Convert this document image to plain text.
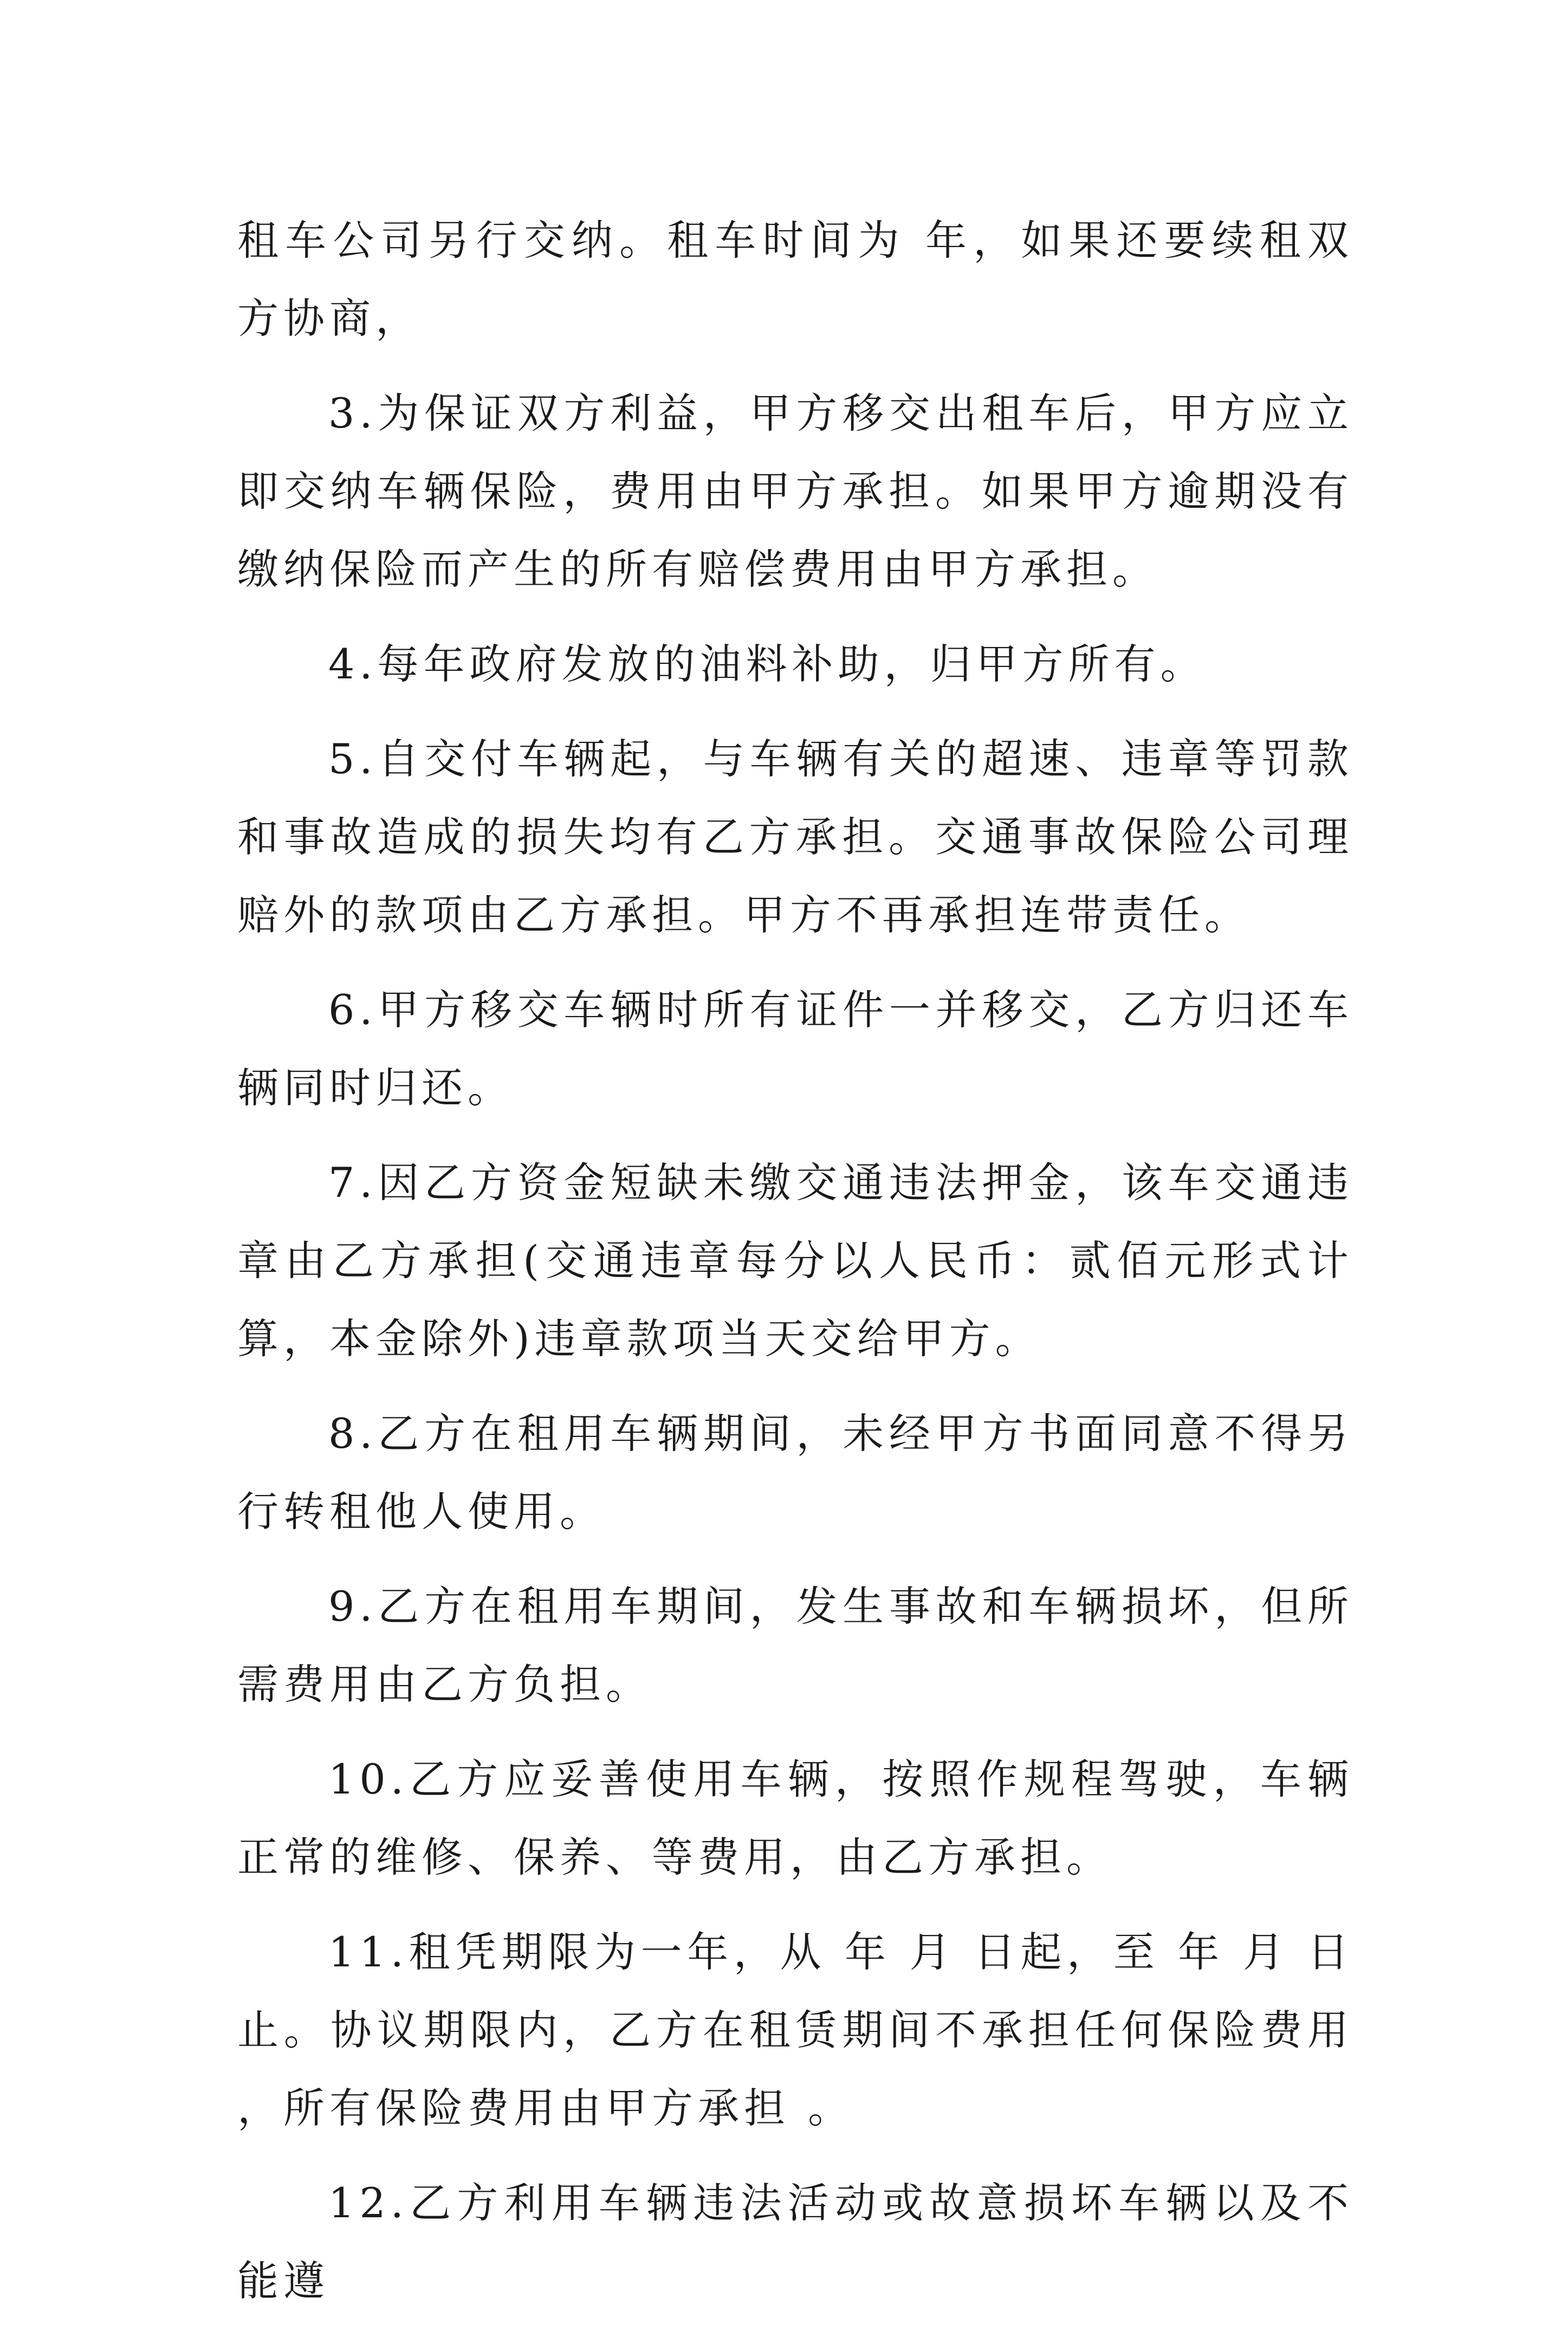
租车公司另行交纳。租车时间为 年，如果还要续租双方协商，

3.为保证双方利益，甲方移交出租车后，甲方应立即交纳车辆保险，费用由甲方承担。如果甲方逾期没有缴纳保险而产生的所有赔偿费用由甲方承担。

4.每年政府发放的油料补助，归甲方所有。

5.自交付车辆起，与车辆有关的超速、违章等罚款和事故造成的损失均有乙方承担。交通事故保险公司理赔外的款项由乙方承担。甲方不再承担连带责任。

6.甲方移交车辆时所有证件一并移交，乙方归还车辆同时归还。

7.因乙方资金短缺未缴交通违法押金，该车交通违章由乙方承担(交通违章每分以人民币：贰佰元形式计算，本金除外)违章款项当天交给甲方。

8.乙方在租用车辆期间，未经甲方书面同意不得另行转租他人使用。

9.乙方在租用车期间，发生事故和车辆损坏，但所需费用由乙方负担。

10.乙方应妥善使用车辆，按照作规程驾驶，车辆正常的维修、保养、等费用，由乙方承担。

11.租凭期限为一年，从 年 月 日起，至 年 月 日止。协议期限内，乙方在租赁期间不承担任何保险费用 ，所有保险费用由甲方承担 。

12.乙方利用车辆违法活动或故意损坏车辆以及不能遵
